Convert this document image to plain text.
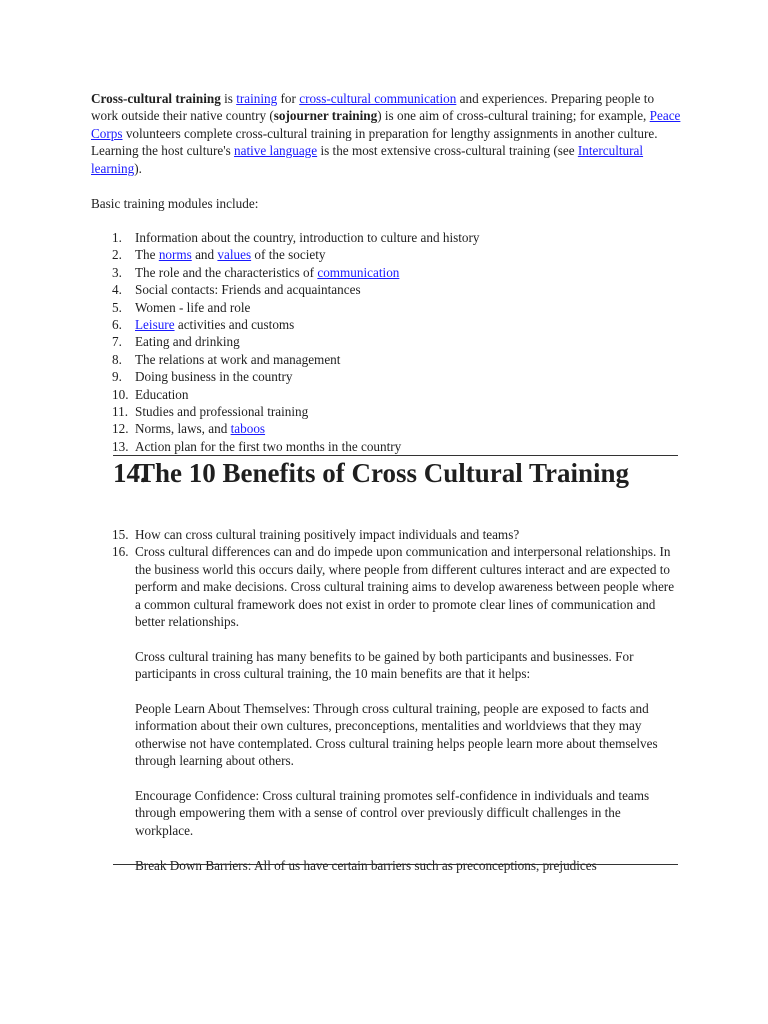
Cross-cultural training is training for cross-cultural communication and experiences. Preparing people to work outside their native country (sojourner training) is one aim of cross-cultural training; for example, Peace Corps volunteers complete cross-cultural training in preparation for lengthy assignments in another culture. Learning the host culture's native language is the most extensive cross-cultural training (see Intercultural learning).

Basic training modules include:

1. Information about the country, introduction to culture and history
2. The norms and values of the society
3. The role and the characteristics of communication
4. Social contacts: Friends and acquaintances
5. Women - life and role
6. Leisure activities and customs
7. Eating and drinking
8. The relations at work and management
9. Doing business in the country
10. Education
11. Studies and professional training
12. Norms, laws, and taboos
13. Action plan for the first two months in the country
14.
The 10 Benefits of Cross Cultural Training
15. How can cross cultural training positively impact individuals and teams?
16. Cross cultural differences can and do impede upon communication and interpersonal relationships. In the business world this occurs daily, where people from different cultures interact and are expected to perform and make decisions. Cross cultural training aims to develop awareness between people where a common cultural framework does not exist in order to promote clear lines of communication and better relationships.

Cross cultural training has many benefits to be gained by both participants and businesses. For participants in cross cultural training, the 10 main benefits are that it helps:

People Learn About Themselves: Through cross cultural training, people are exposed to facts and information about their own cultures, preconceptions, mentalities and worldviews that they may otherwise not have contemplated. Cross cultural training helps people learn more about themselves through learning about others.

Encourage Confidence: Cross cultural training promotes self-confidence in individuals and teams through empowering them with a sense of control over previously difficult challenges in the workplace.

Break Down Barriers: All of us have certain barriers such as preconceptions, prejudices
